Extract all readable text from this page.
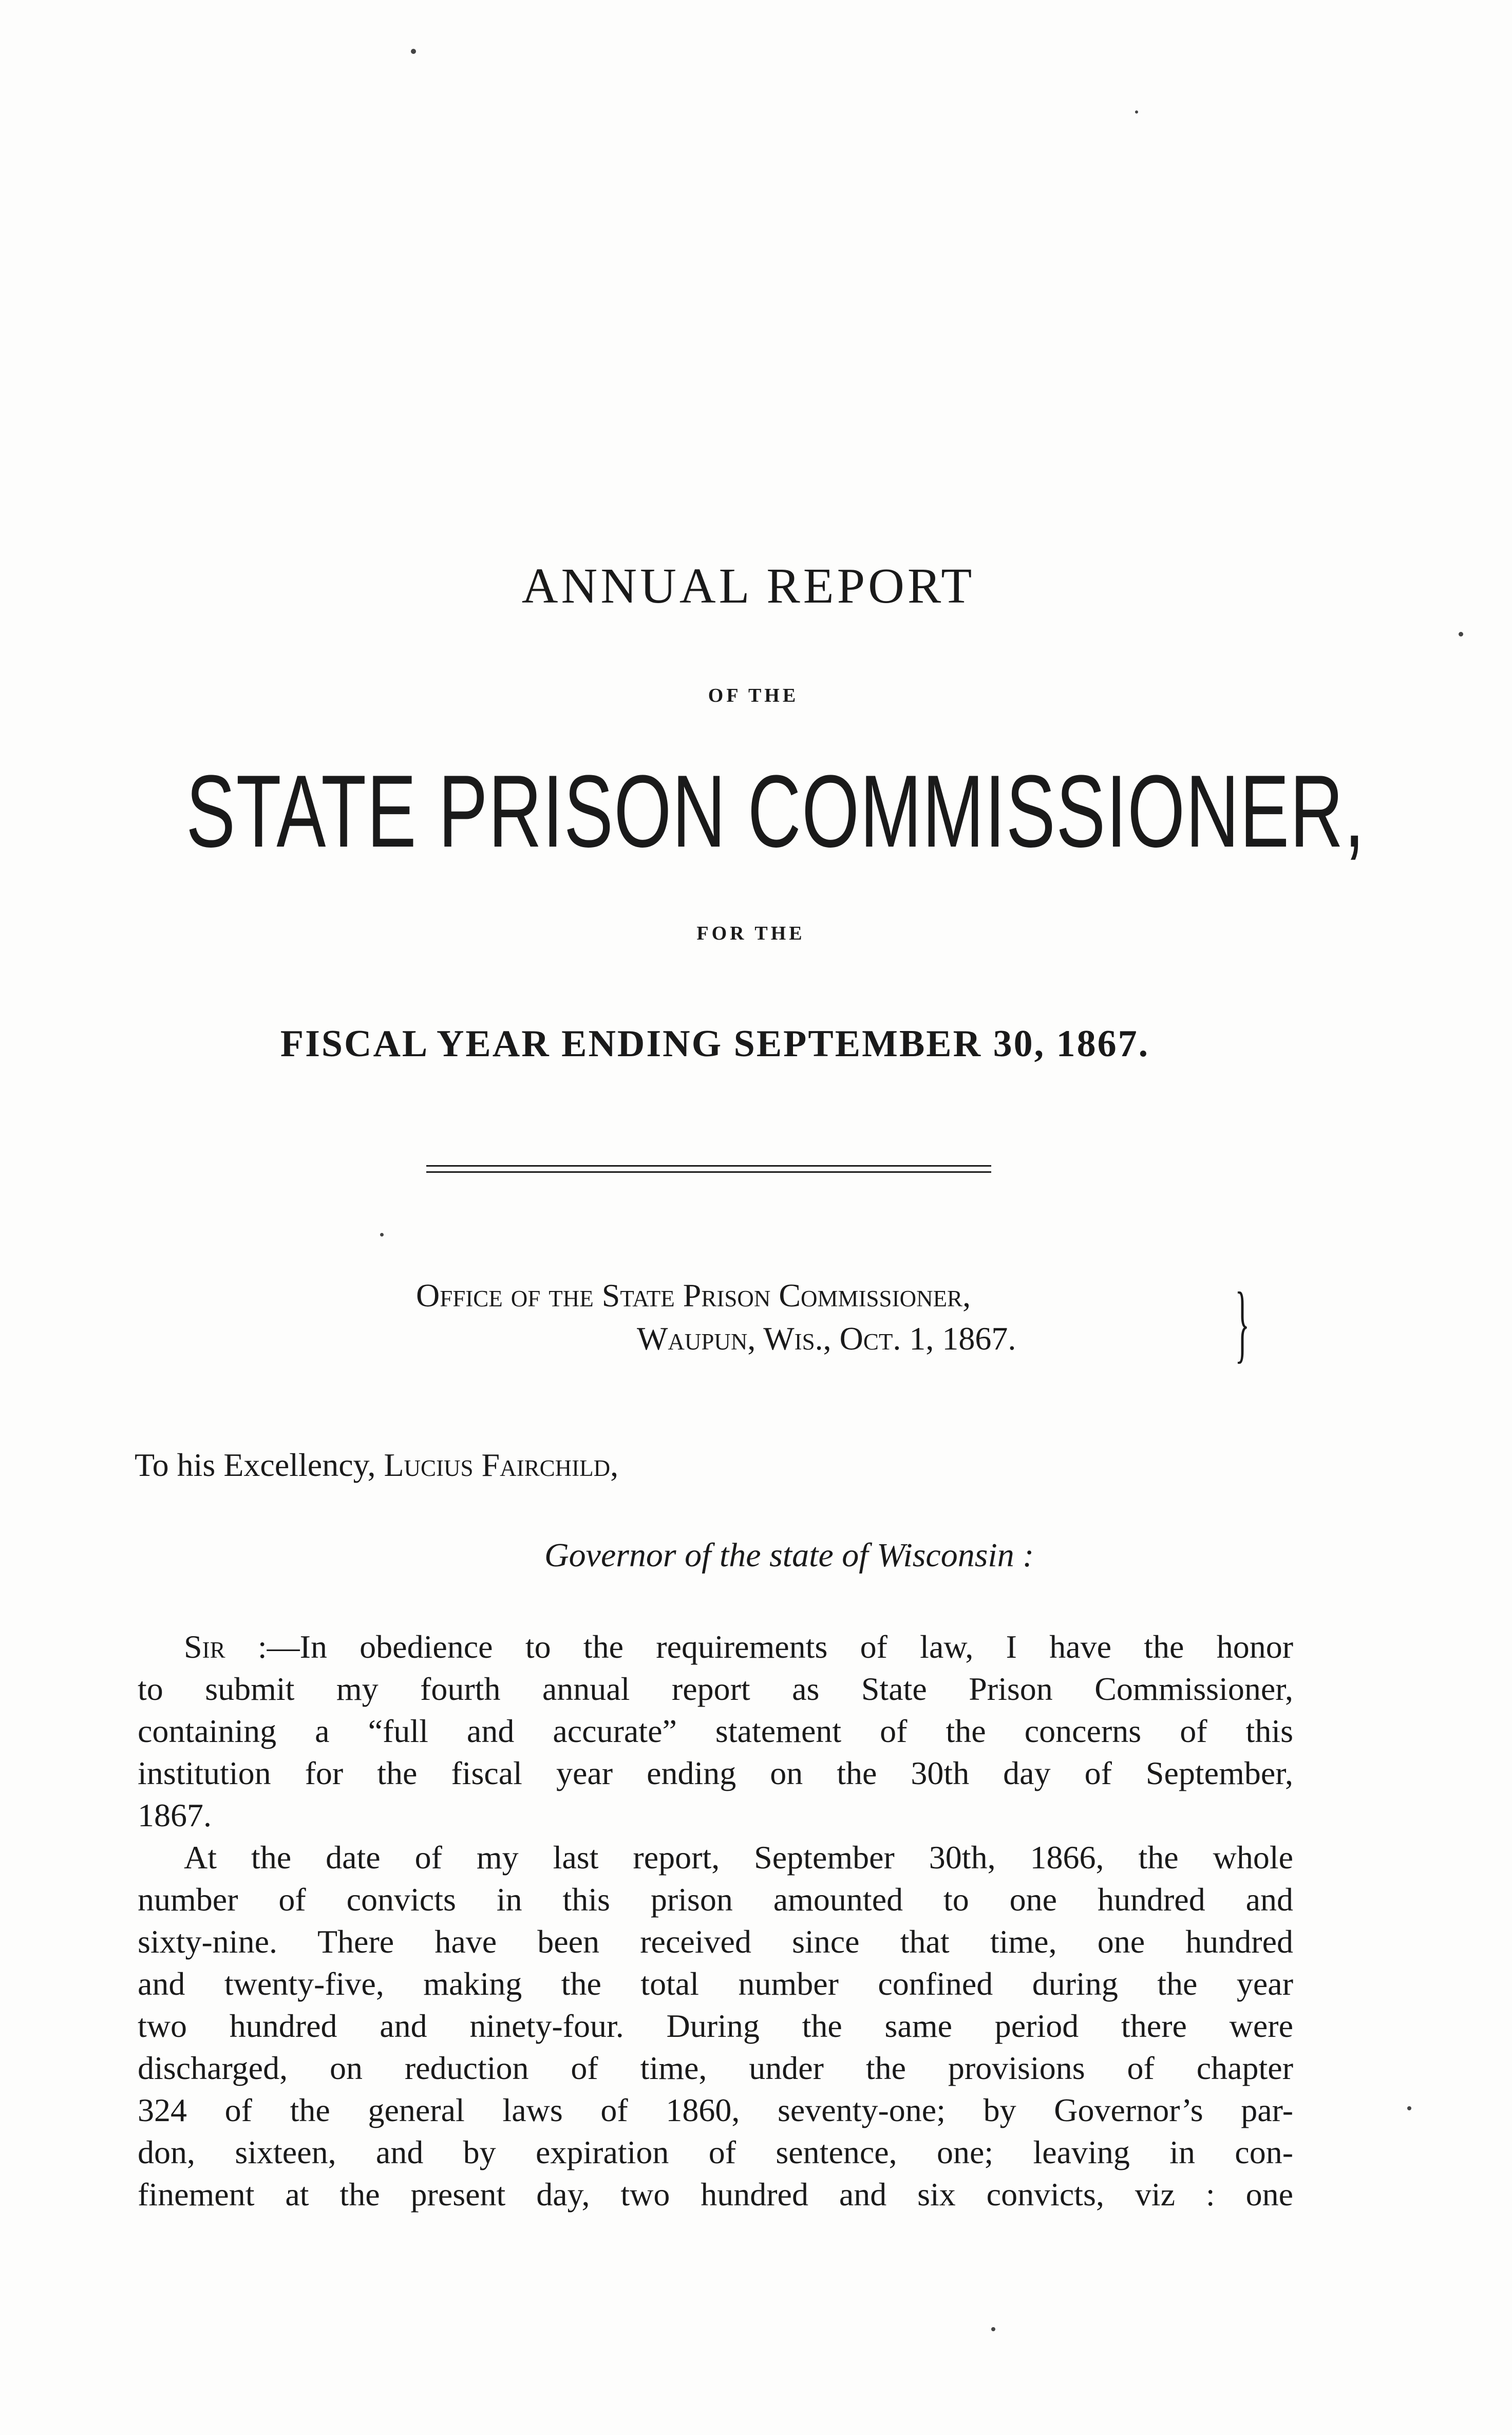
ANNUAL REPORT
OF THE
STATE PRISON COMMISSIONER,
FOR THE
FISCAL YEAR ENDING SEPTEMBER 30, 1867.
Office of the State Prison Commissioner,
Waupun, Wis., Oct. 1, 1867.	}
To his Excellency, Lucius Fairchild,
Governor of the state of Wisconsin :
Sir :—In obedience to the requirements of law, I have the honor
to submit my fourth annual report as State Prison Commissioner,
containing a “full and accurate” statement of the concerns of this
institution for the fiscal year ending on the 30th day of September,
1867.
At the date of my last report, September 30th, 1866, the whole
number of convicts in this prison amounted to one hundred and
sixty-nine. There have been received since that time, one hundred
and twenty-five, making the total number confined during the year
two hundred and ninety-four. During the same period there were
discharged, on reduction of time, under the provisions of chapter
324 of the general laws of 1860, seventy-one; by Governor’s par-
don, sixteen, and by expiration of sentence, one; leaving in con-
finement at the present day, two hundred and six convicts, viz : one
